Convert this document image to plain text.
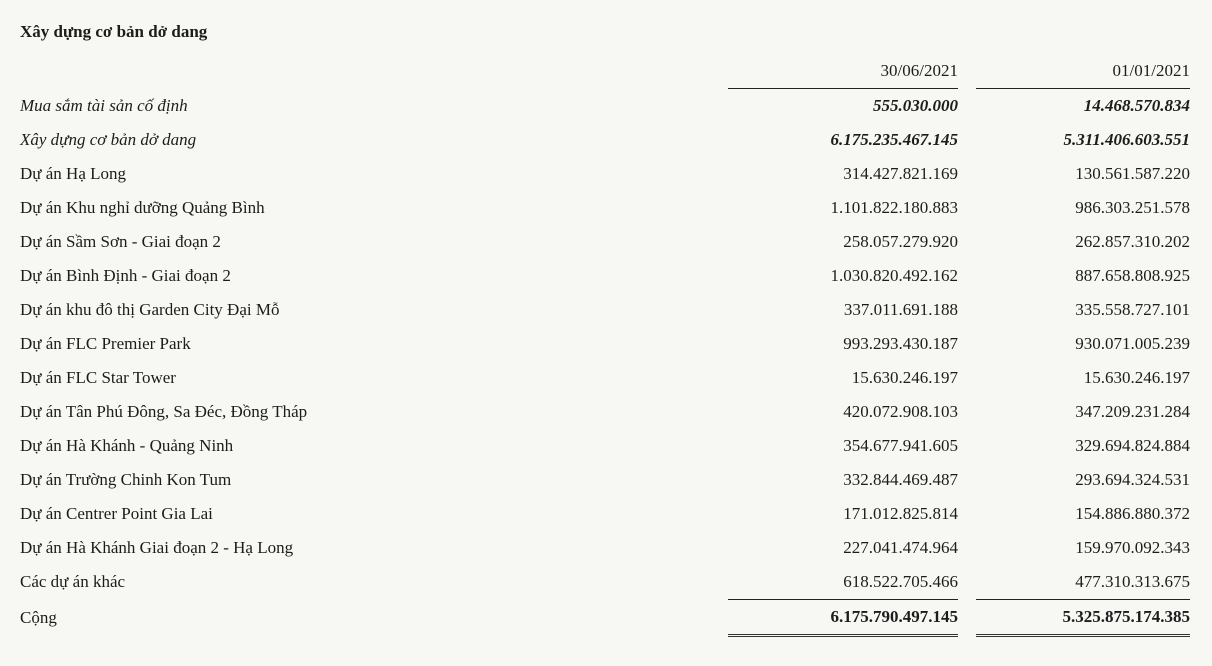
Xây dựng cơ bản dở dang
	30/06/2021		01/01/2021
Mua sắm tài sản cố định	555.030.000		14.468.570.834
Xây dựng cơ bản dở dang	6.175.235.467.145		5.311.406.603.551
Dự án Hạ Long	314.427.821.169		130.561.587.220
Dự án Khu nghỉ dưỡng Quảng Bình	1.101.822.180.883		986.303.251.578
Dự án Sầm Sơn - Giai đoạn 2	258.057.279.920		262.857.310.202
Dự án Bình Định - Giai đoạn 2	1.030.820.492.162		887.658.808.925
Dự án khu đô thị Garden City Đại Mỗ	337.011.691.188		335.558.727.101
Dự án FLC Premier Park	993.293.430.187		930.071.005.239
Dự án FLC Star Tower	15.630.246.197		15.630.246.197
Dự án Tân Phú Đông, Sa Đéc, Đồng Tháp	420.072.908.103		347.209.231.284
Dự án Hà Khánh - Quảng Ninh	354.677.941.605		329.694.824.884
Dự án Trường Chinh Kon Tum	332.844.469.487		293.694.324.531
Dự án Centrer Point Gia Lai	171.012.825.814		154.886.880.372
Dự án Hà Khánh Giai đoạn 2 - Hạ Long	227.041.474.964		159.970.092.343
Các dự án khác	618.522.705.466		477.310.313.675
Cộng	6.175.790.497.145		5.325.875.174.385
